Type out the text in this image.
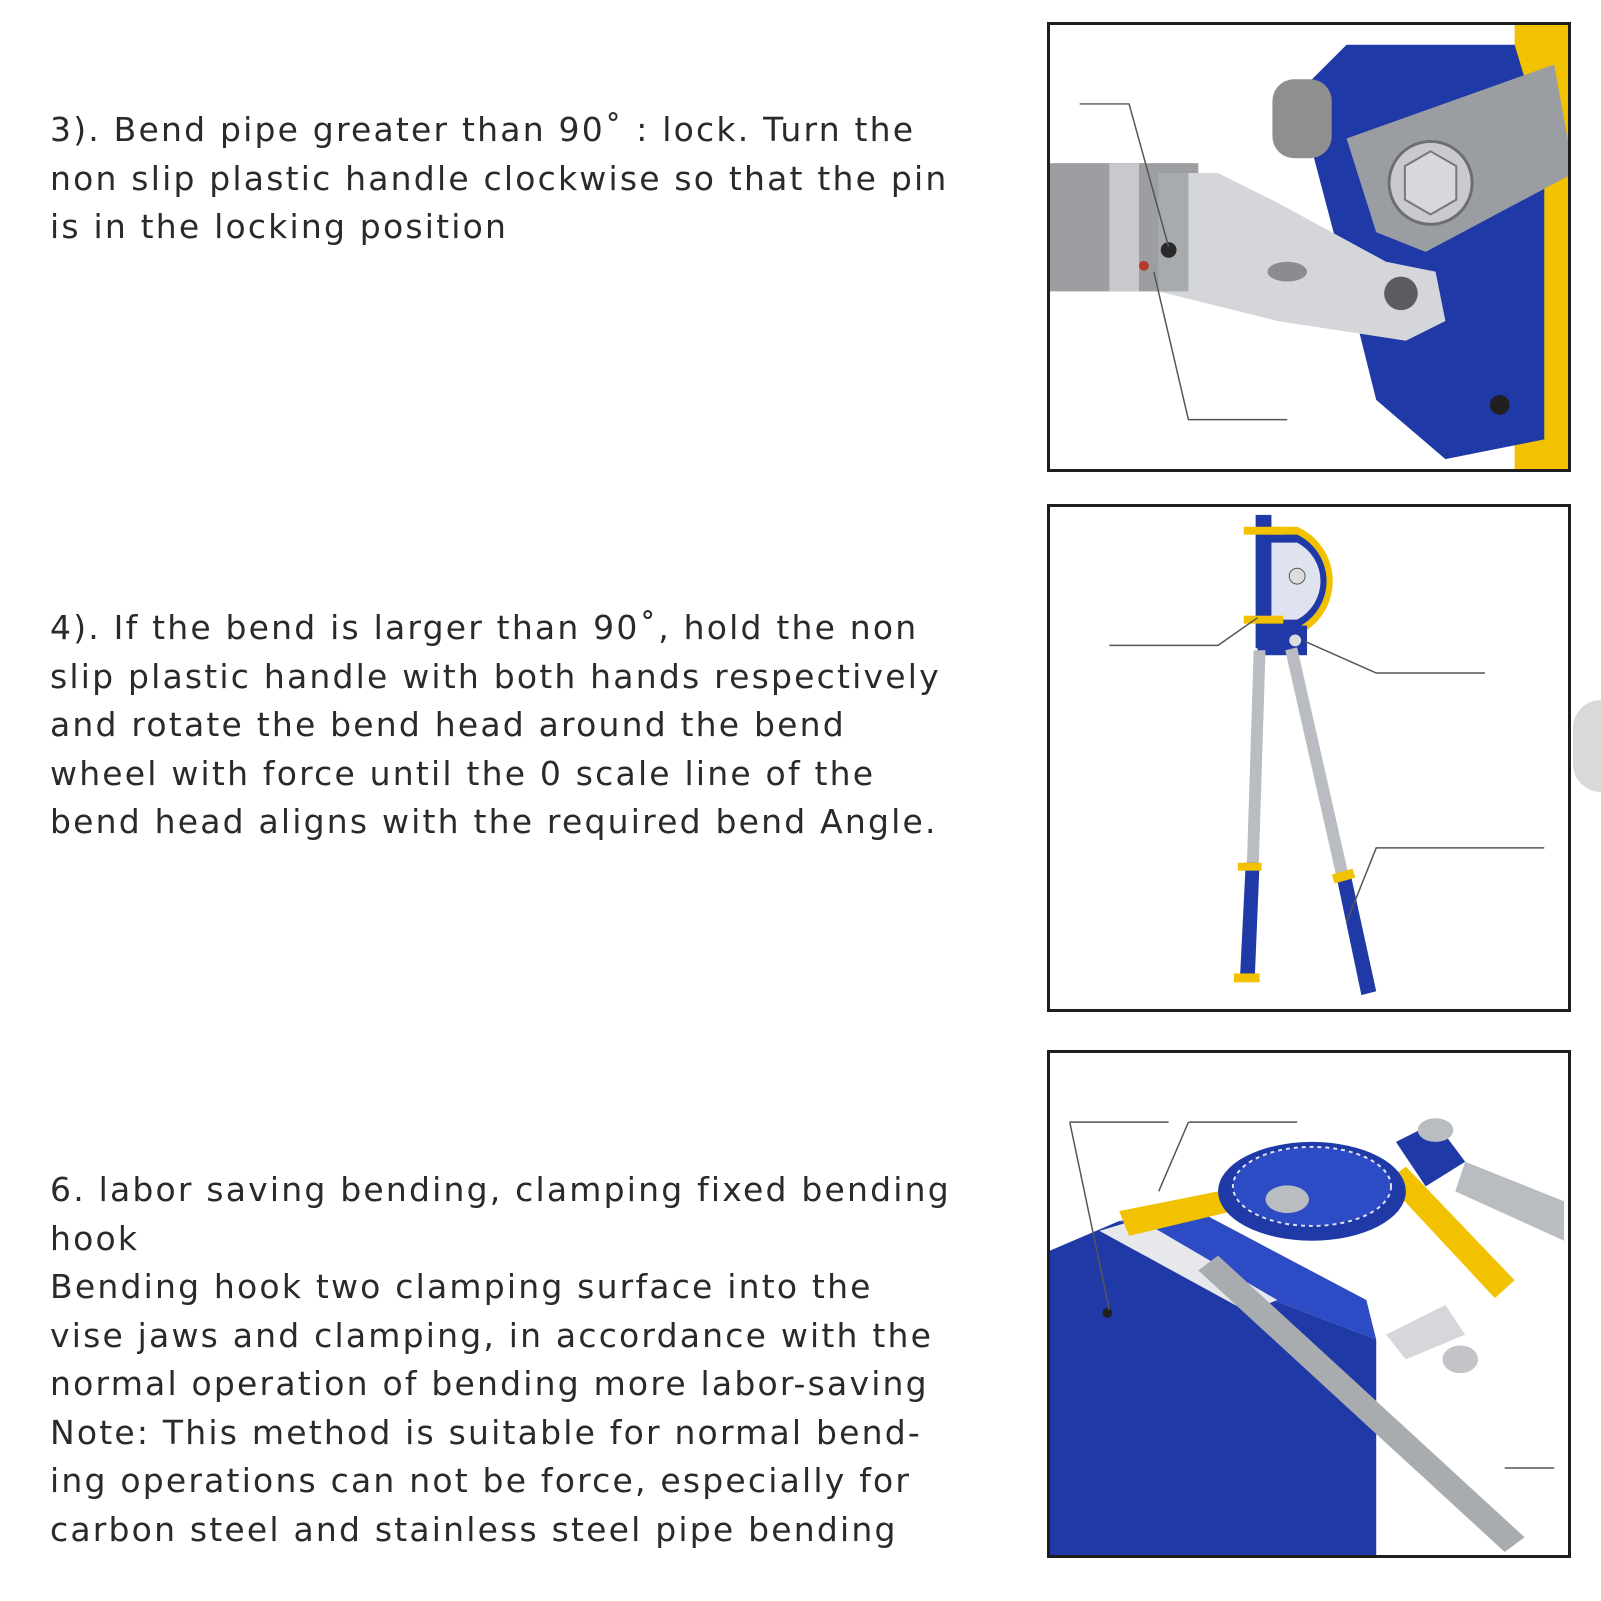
3). Bend pipe greater than 90˚ : lock. Turn the
non slip plastic handle clockwise so that the pin
is in the locking position

4). If the bend is larger than 90˚, hold the non
slip plastic handle with both hands respectively
and rotate the bend head around the bend
wheel with force until the 0 scale line of the
bend head aligns with the required bend Angle.

6. labor saving bending, clamping fixed bending
hook
Bending hook two clamping surface into the
vise jaws and clamping, in accordance with the
normal operation of bending more labor-saving
Note: This method is suitable for normal bend-
ing operations can not be force, especially for
carbon steel and stainless steel pipe bending
